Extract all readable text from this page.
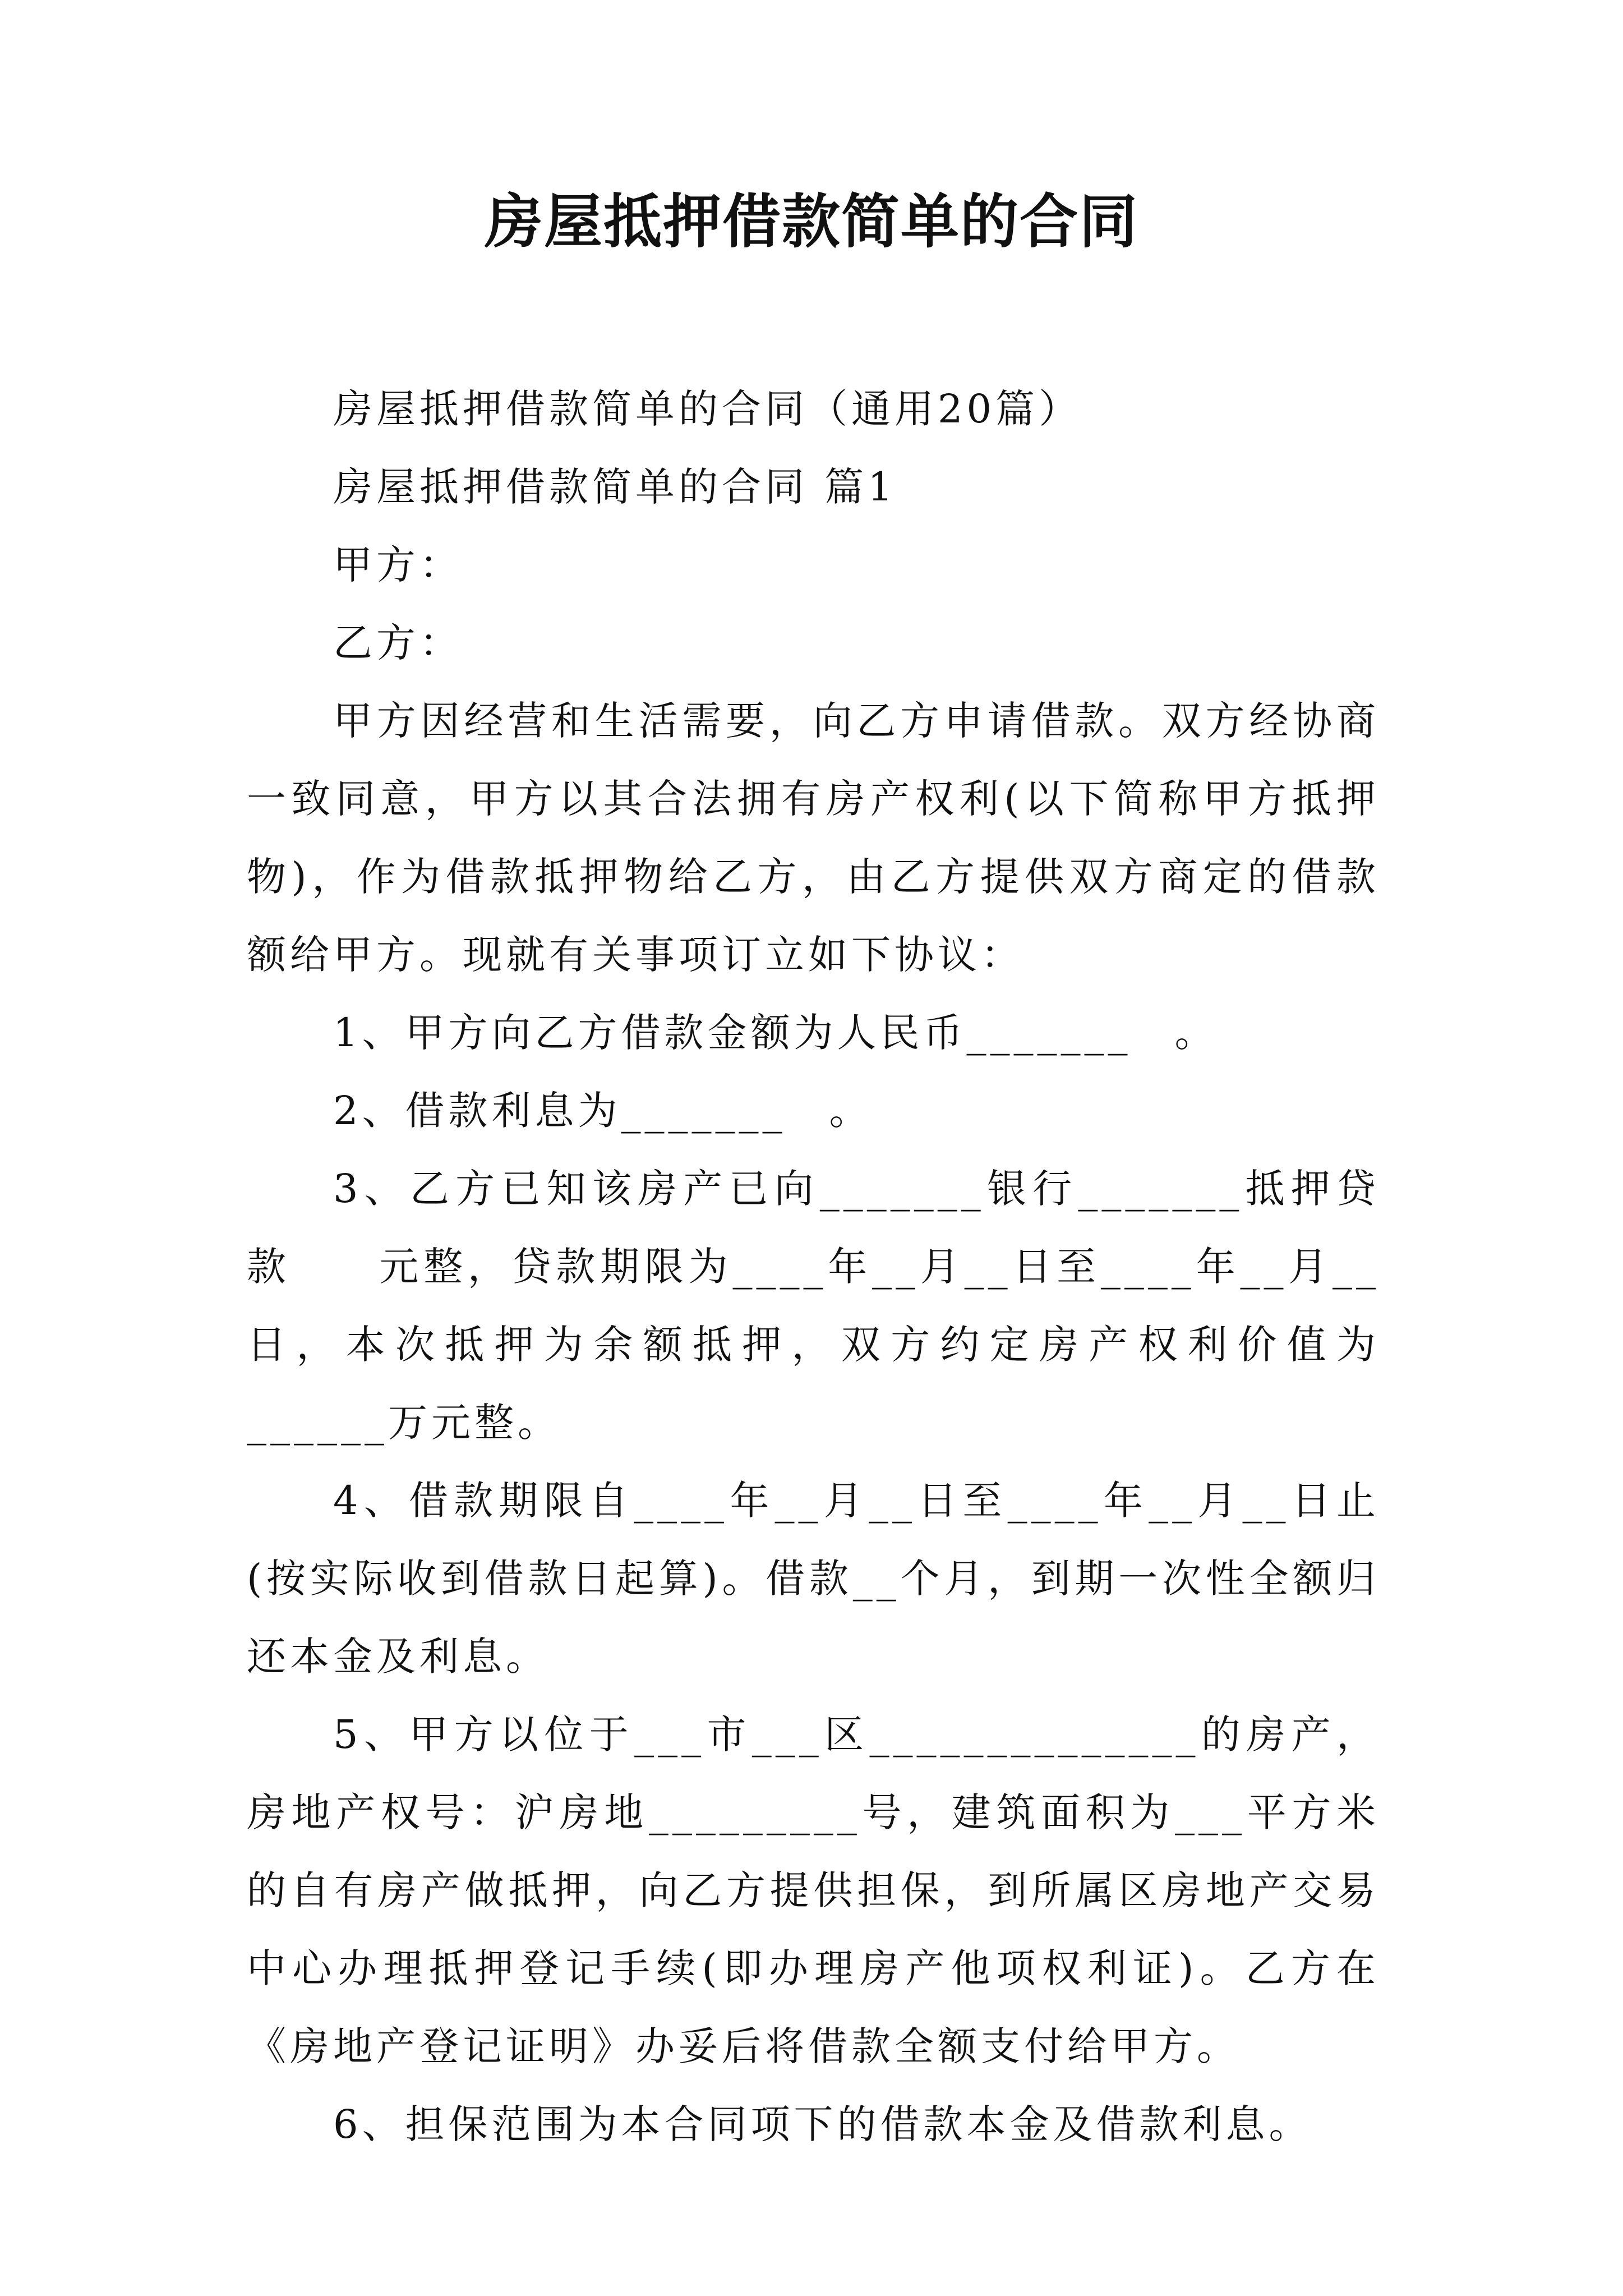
房屋抵押借款简单的合同

房屋抵押借款简单的合同（通用20篇）

房屋抵押借款简单的合同 篇1

甲方：

乙方：

甲方因经营和生活需要，向乙方申请借款。双方经协商一致同意，甲方以其合法拥有房产权利(以下简称甲方抵押物)，作为借款抵押物给乙方，由乙方提供双方商定的借款额给甲方。现就有关事项订立如下协议：

1、甲方向乙方借款金额为人民币_______　。

2、借款利息为_______　。

3、乙方已知该房产已向_______银行_______抵押贷款　　元整，贷款期限为____年__月__日至____年__月__日，本次抵押为余额抵押，双方约定房产权利价值为______万元整。

4、借款期限自____年__月__日至____年__月__日止(按实际收到借款日起算)。借款__个月，到期一次性全额归还本金及利息。

5、甲方以位于___市___区______________的房产，房地产权号：沪房地_________号，建筑面积为___平方米的自有房产做抵押，向乙方提供担保，到所属区房地产交易中心办理抵押登记手续(即办理房产他项权利证)。乙方在《房地产登记证明》办妥后将借款全额支付给甲方。

6、担保范围为本合同项下的借款本金及借款利息。
